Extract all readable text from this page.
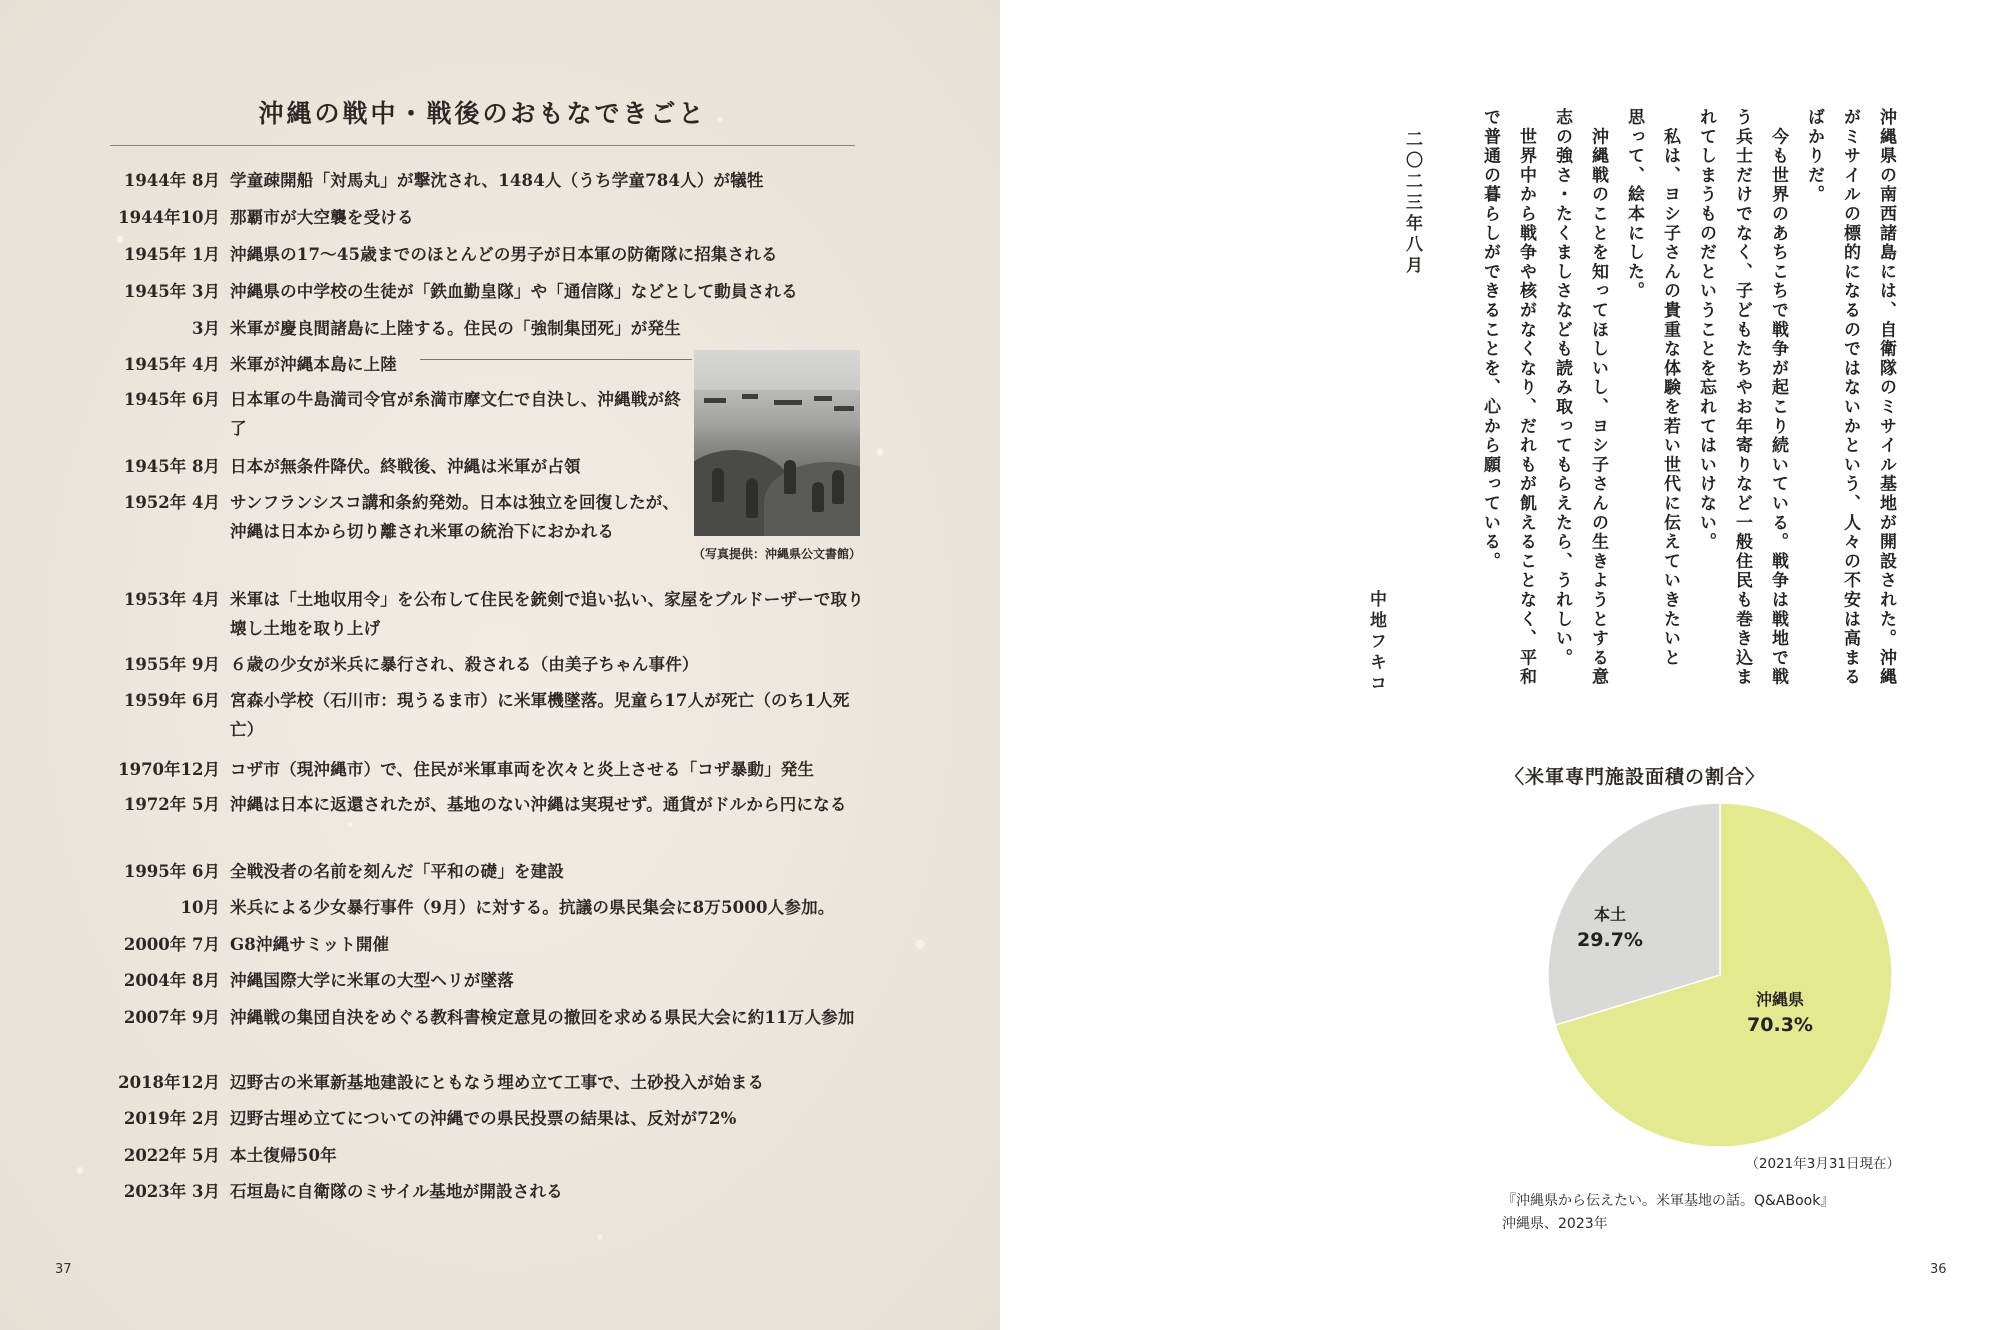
沖縄の戦中・戦後のおもなできごと
1944年 8月 学童疎開船「対馬丸」が撃沈され、1484人（うち学童784人）が犠牲
1944年10月 那覇市が大空襲を受ける
1945年 1月 沖縄県の17～45歳までのほとんどの男子が日本軍の防衛隊に招集される
1945年 3月 沖縄県の中学校の生徒が「鉄血勤皇隊」や「通信隊」などとして動員される
3月 米軍が慶良間諸島に上陸する。住民の「強制集団死」が発生
1945年 4月 米軍が沖縄本島に上陸
1945年 6月 日本軍の牛島満司令官が糸満市摩文仁で自決し、沖縄戦が終了
1945年 8月 日本が無条件降伏。終戦後、沖縄は米軍が占領
1952年 4月 サンフランシスコ講和条約発効。日本は独立を回復したが、沖縄は日本から切り離され米軍の統治下におかれる
1953年 4月 米軍は「土地収用令」を公布して住民を銃剣で追い払い、家屋をブルドーザーで取り壊し土地を取り上げ
1955年 9月 ６歳の少女が米兵に暴行され、殺される（由美子ちゃん事件）
1959年 6月 宮森小学校（石川市：現うるま市）に米軍機墜落。児童ら17人が死亡（のち1人死亡）
1970年12月 コザ市（現沖縄市）で、住民が米軍車両を次々と炎上させる「コザ暴動」発生
1972年 5月 沖縄は日本に返還されたが、基地のない沖縄は実現せず。通貨がドルから円になる
1995年 6月 全戦没者の名前を刻んだ「平和の礎」を建設
10月 米兵による少女暴行事件（9月）に対する。抗議の県民集会に8万5000人参加。
2000年 7月 G8沖縄サミット開催
2004年 8月 沖縄国際大学に米軍の大型ヘリが墜落
2007年 9月 沖縄戦の集団自決をめぐる教科書検定意見の撤回を求める県民大会に約11万人参加
2018年12月 辺野古の米軍新基地建設にともなう埋め立て工事で、土砂投入が始まる
2019年 2月 辺野古埋め立てについての沖縄での県民投票の結果は、反対が72%
2022年 5月 本土復帰50年
2023年 3月 石垣島に自衛隊のミサイル基地が開設される
（写真提供：沖縄県公文書館）
37
沖縄県の南西諸島には、自衛隊のミサイル基地が開設された。沖縄
がミサイルの標的になるのではないかという、人々の不安は高まる
ばかりだ。
　今も世界のあちこちで戦争が起こり続いている。戦争は戦地で戦
う兵士だけでなく、子どもたちやお年寄りなど一般住民も巻き込ま
れてしまうものだということを忘れてはいけない。
　私は、ヨシ子さんの貴重な体験を若い世代に伝えていきたいと
思って、絵本にした。
　沖縄戦のことを知ってほしいし、ヨシ子さんの生きようとする意
志の強さ・たくましさなども読み取ってもらえたら、うれしい。
　世界中から戦争や核がなくなり、だれもが飢えることなく、平和
で普通の暮らしができることを、心から願っている。
二〇二三年八月
中地フキコ
〈米軍専門施設面積の割合〉
沖縄県
70.3%
本土
29.7%
（2021年3月31日現在）
『沖縄県から伝えたい。米軍基地の話。Q&ABook』
沖縄県、2023年
36
